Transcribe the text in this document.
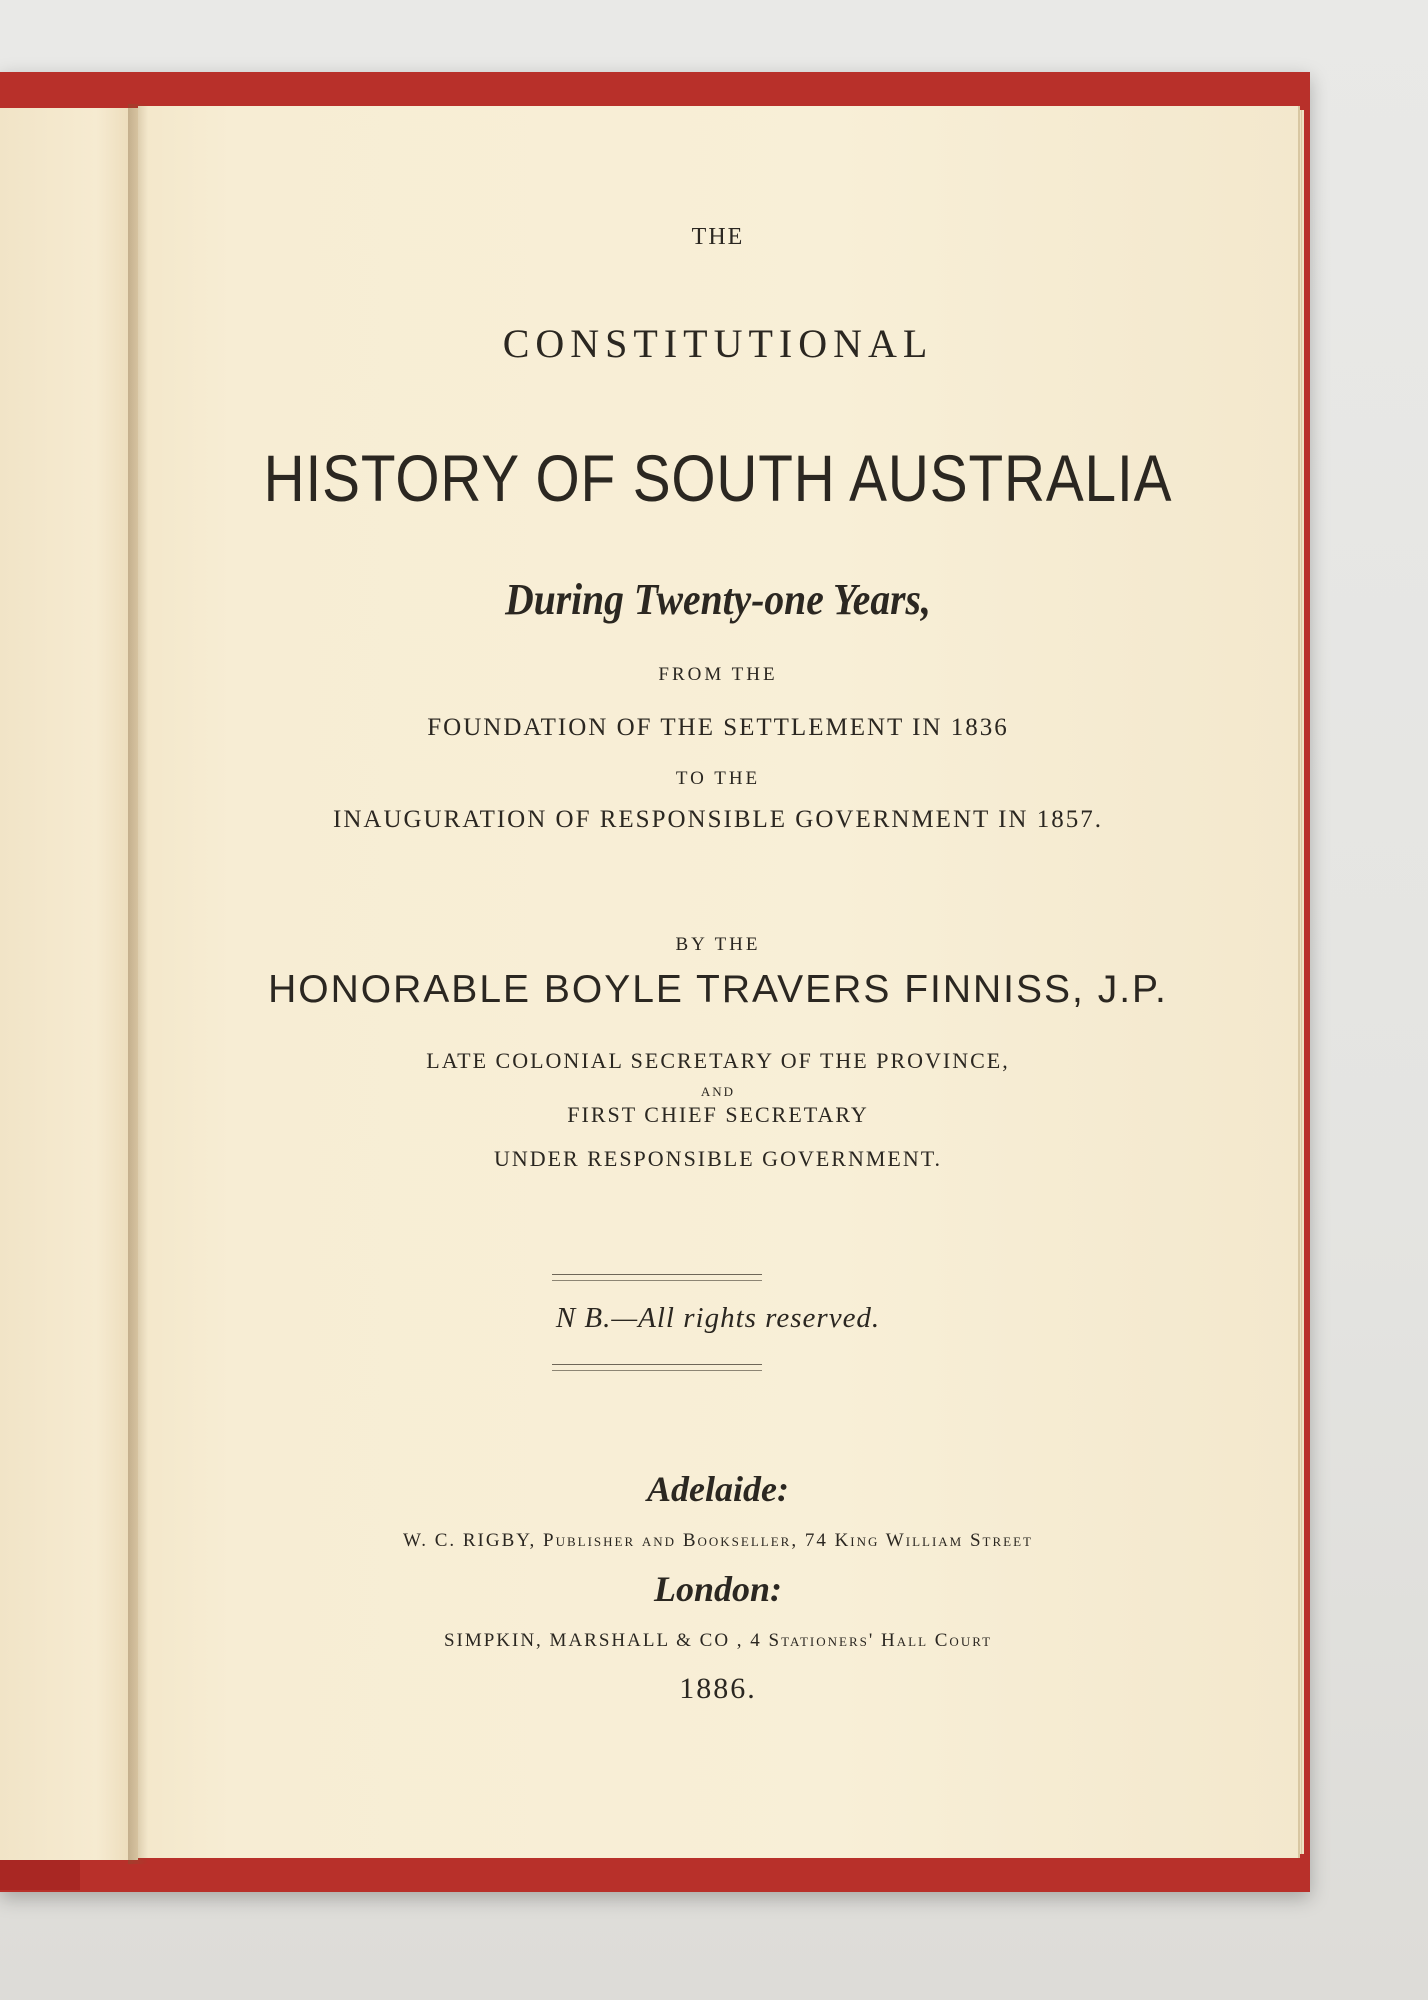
THE
CONSTITUTIONAL
HISTORY OF SOUTH AUSTRALIA
During Twenty-one Years,
FROM THE
FOUNDATION OF THE SETTLEMENT IN 1836
TO THE
INAUGURATION OF RESPONSIBLE GOVERNMENT IN 1857.
BY THE
HONORABLE BOYLE TRAVERS FINNISS, J.P.
LATE COLONIAL SECRETARY OF THE PROVINCE,
AND
FIRST CHIEF SECRETARY
UNDER RESPONSIBLE GOVERNMENT.
N B.—All rights reserved.
Adelaide:
W. C. RIGBY, Publisher and Bookseller, 74 King William Street
London:
SIMPKIN, MARSHALL & CO , 4 Stationers' Hall Court
1886.
